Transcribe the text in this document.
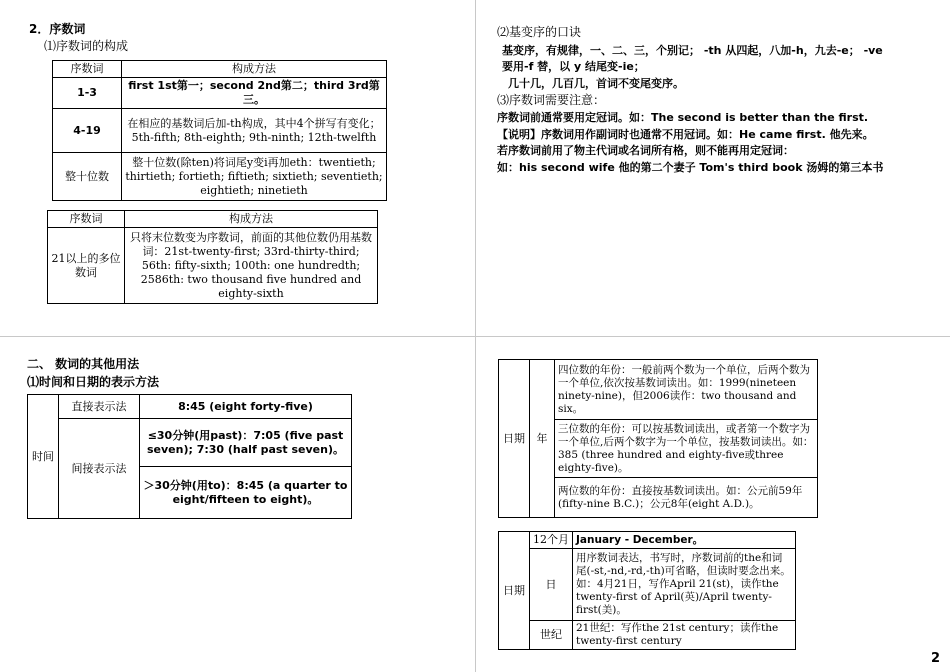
2．序数词
⑴序数词的构成
序数词	构成方法
1-3	first 1st第一；second 2nd第二；third 3rd第三。
4-19	在相应的基数词后加-th构成，其中4个拼写有变化；5th-fifth; 8th-eighth; 9th-ninth; 12th-twelfth
整十位数	整十位数(除ten)将词尾y变i再加eth：twentieth; thirtieth; fortieth; fiftieth; sixtieth; seventieth; eightieth; ninetieth
序数词	构成方法
21以上的多位数词	只将末位数变为序数词，前面的其他位数仍用基数词：21st-twenty-first; 33rd-thirty-third; 56th: fifty-sixth; 100th: one hundredth; 2586th: two thousand five hundred and eighty-sixth
⑵基变序的口诀
基变序，有规律，一、二、三，个别记； -th 从四起，八加-h，九去-e； -ve
要用-f 替，以 y 结尾变-ie；
几十几，几百几，首词不变尾变序。
⑶序数词需要注意：
序数词前通常要用定冠词。如：The second is better than the first.
【说明】序数词用作副词时也通常不用冠词。如：He came first. 他先来。
若序数词前用了物主代词或名词所有格，则不能再用定冠词：
如：his second wife 他的第二个妻子 Tom's third book 汤姆的第三本书
二、 数词的其他用法
⑴时间和日期的表示方法
时间	直接表示法	8:45 (eight forty-five)
	间接表示法	≤30分钟(用past)：7:05 (five past seven); 7:30 (half past seven)。
		＞30分钟(用to)：8:45 (a quarter to eight/fifteen to eight)。
日期	年	四位数的年份：一般前两个数为一个单位，后两个数为一个单位,依次按基数词读出。如：1999(nineteen ninety-nine)，但2006读作：two thousand and six。
三位数的年份：可以按基数词读出，或者第一个数字为一个单位,后两个数字为一个单位，按基数词读出。如：385 (three hundred and eighty-five或three eighty-five)。
两位数的年份：直接按基数词读出。如：公元前59年(fifty-nine B.C.)；公元8年(eight A.D.)。
日期	12个月	January - December。
	日	用序数词表达，书写时，序数词前的the和词尾(-st,-nd,-rd,-th)可省略，但读时要念出来。如：4月21日，写作April 21(st)，读作the twenty-first of April(英)/April twenty-first(美)。
	世纪	21世纪：写作the 21st century；读作the twenty-first century
2
